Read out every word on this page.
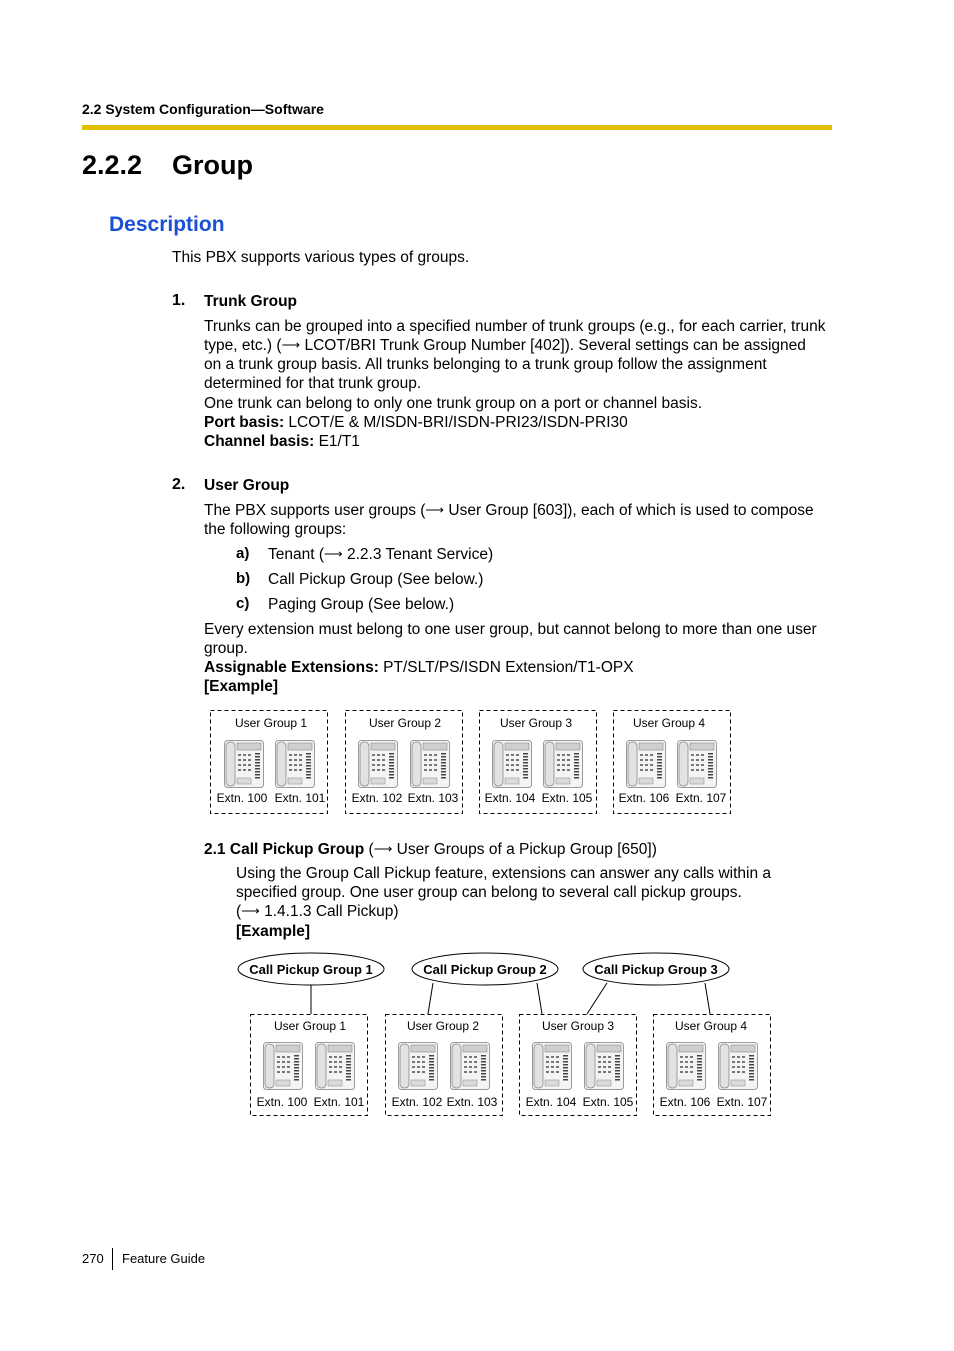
2.2 System Configuration—Software
2.2.2 Group
Description
This PBX supports various types of groups.
1. Trunk Group
Trunks can be grouped into a specified number of trunk groups (e.g., for each carrier, trunk
type, etc.) (⟶ LCOT/BRI Trunk Group Number [402]). Several settings can be assigned
on a trunk group basis. All trunks belonging to a trunk group follow the assignment
determined for that trunk group.
One trunk can belong to only one trunk group on a port or channel basis.
Port basis: LCOT/E & M/ISDN-BRI/ISDN-PRI23/ISDN-PRI30
Channel basis: E1/T1
2. User Group
The PBX supports user groups (⟶ User Group [603]), each of which is used to compose
the following groups:
a) Tenant (⟶ 2.2.3 Tenant Service)
b) Call Pickup Group (See below.)
c) Paging Group (See below.)
Every extension must belong to one user group, but cannot belong to more than one user
group.
Assignable Extensions: PT/SLT/PS/ISDN Extension/T1-OPX
[Example]
User Group 1
Extn. 100 Extn. 101
User Group 2
Extn. 102 Extn. 103
User Group 3
Extn. 104 Extn. 105
User Group 4
Extn. 106 Extn. 107
2.1 Call Pickup Group (⟶ User Groups of a Pickup Group [650])
Using the Group Call Pickup feature, extensions can answer any calls within a
specified group. One user group can belong to several call pickup groups.
(⟶ 1.4.1.3 Call Pickup)
[Example]
Call Pickup Group 1	Call Pickup Group 2	Call Pickup Group 3
User Group 1
Extn. 100 Extn. 101
User Group 2
Extn. 102 Extn. 103
User Group 3
Extn. 104 Extn. 105
User Group 4
Extn. 106 Extn. 107
270 Feature Guide
